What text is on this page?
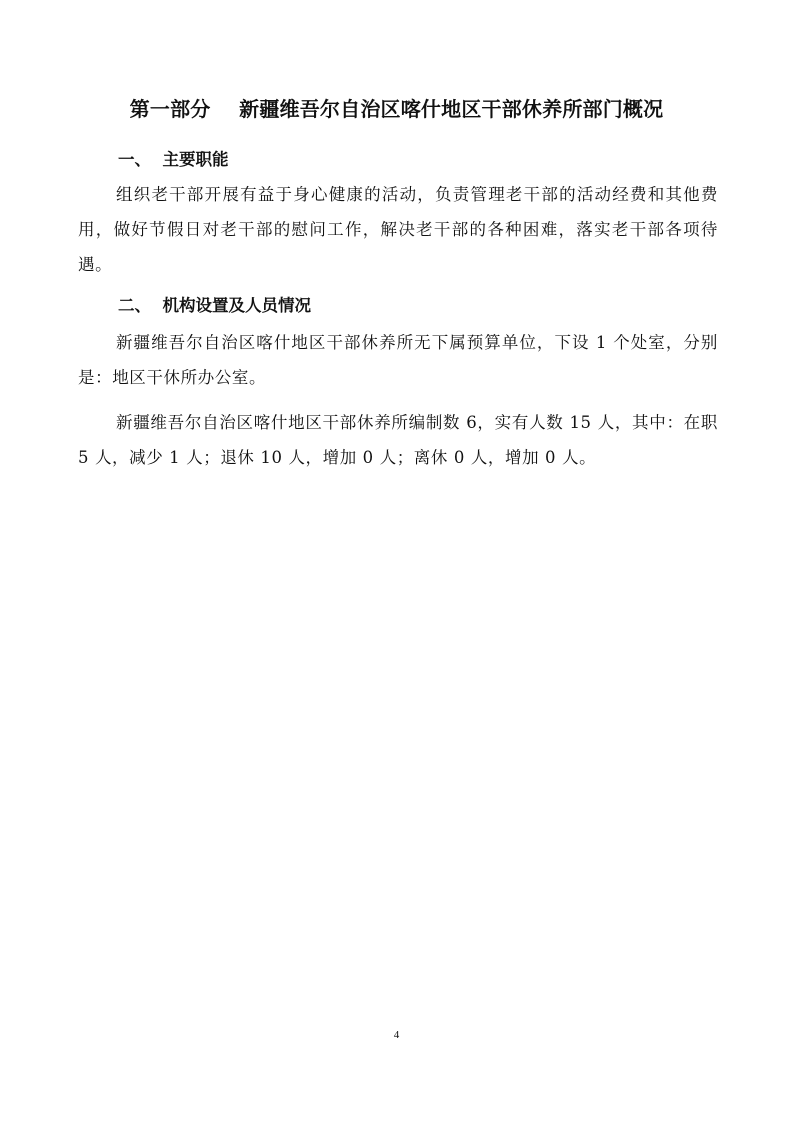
第一部分    新疆维吾尔自治区喀什地区干部休养所部门概况
一、  主要职能
组织老干部开展有益于身心健康的活动，负责管理老干部的活动经费和其他费用，做好节假日对老干部的慰问工作，解决老干部的各种困难，落实老干部各项待遇。
二、  机构设置及人员情况
新疆维吾尔自治区喀什地区干部休养所无下属预算单位，下设 1 个处室，分别是：地区干休所办公室。
新疆维吾尔自治区喀什地区干部休养所编制数 6，实有人数 15 人，其中：在职 5 人，减少 1 人；退休 10 人，增加 0 人；离休 0 人，增加 0 人。
4
